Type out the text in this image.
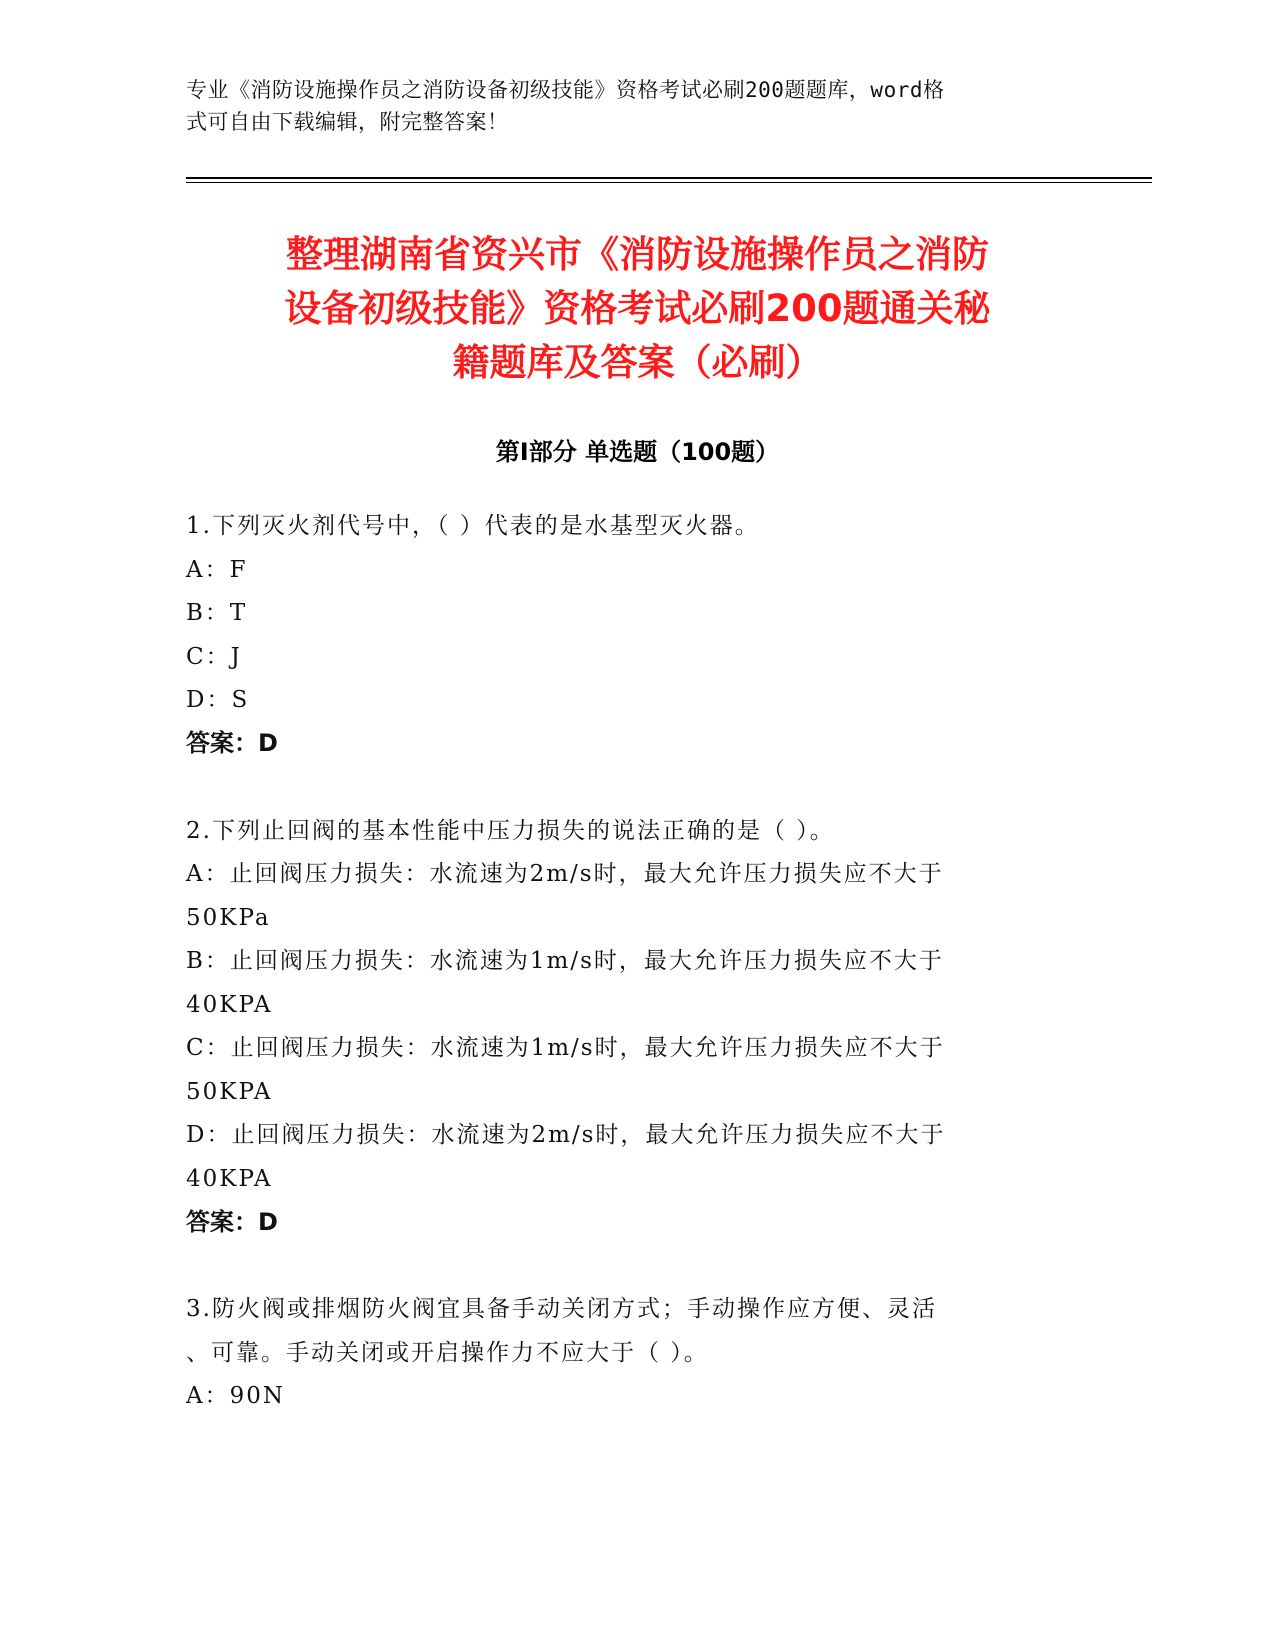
专业《消防设施操作员之消防设备初级技能》资格考试必刷200题题库，word格
式可自由下载编辑，附完整答案！
整理湖南省资兴市《消防设施操作员之消防
设备初级技能》资格考试必刷200题通关秘
籍题库及答案（必刷）
第Ⅰ部分 单选题（100题）
1.下列灭火剂代号中，（ ）代表的是水基型灭火器。
A：F
B：T
C：J
D：S
答案：D
2.下列止回阀的基本性能中压力损失的说法正确的是（ ）。
A：止回阀压力损失：水流速为2m/s时，最大允许压力损失应不大于
50KPa
B：止回阀压力损失：水流速为1m/s时，最大允许压力损失应不大于
40KPA
C：止回阀压力损失：水流速为1m/s时，最大允许压力损失应不大于
50KPA
D：止回阀压力损失：水流速为2m/s时，最大允许压力损失应不大于
40KPA
答案：D
3.防火阀或排烟防火阀宜具备手动关闭方式；手动操作应方便、灵活
、可靠。手动关闭或开启操作力不应大于（ ）。
A：90N
